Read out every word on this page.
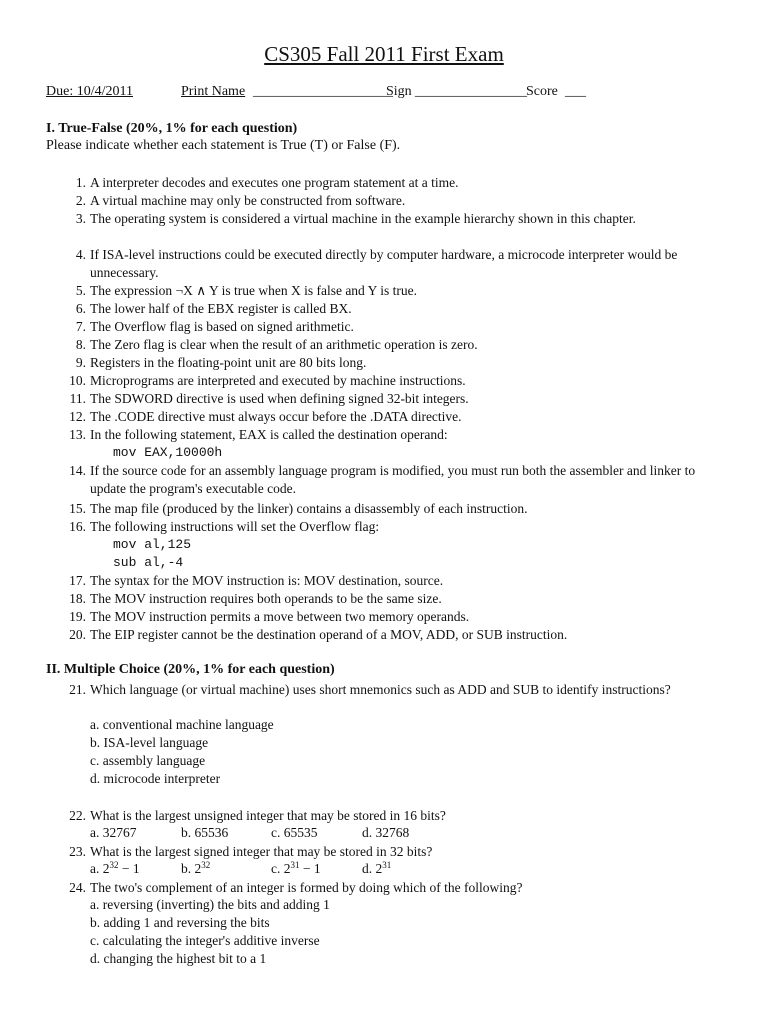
CS305 Fall 2011 First Exam
Due: 10/4/2011	Print Name ____________________
Sign ________________ Score ___
I. True-False (20%, 1% for each question)
Please indicate whether each statement is True (T) or False (F).
1. A interpreter decodes and executes one program statement at a time.
2. A virtual machine may only be constructed from software.
3. The operating system is considered a virtual machine in the example hierarchy shown in this chapter.
4. If ISA-level instructions could be executed directly by computer hardware, a microcode interpreter would be unnecessary.
5. The expression ¬X ∧ Y is true when X is false and Y is true.
6. The lower half of the EBX register is called BX.
7. The Overflow flag is based on signed arithmetic.
8. The Zero flag is clear when the result of an arithmetic operation is zero.
9. Registers in the floating-point unit are 80 bits long.
10. Microprograms are interpreted and executed by machine instructions.
11. The SDWORD directive is used when defining signed 32-bit integers.
12. The .CODE directive must always occur before the .DATA directive.
13. In the following statement, EAX is called the destination operand:
mov EAX,10000h
14. If the source code for an assembly language program is modified, you must run both the assembler and linker to update the program's executable code.
15. The map file (produced by the linker) contains a disassembly of each instruction.
16. The following instructions will set the Overflow flag:
mov al,125
sub al,-4
17. The syntax for the MOV instruction is: MOV destination, source.
18. The MOV instruction requires both operands to be the same size.
19. The MOV instruction permits a move between two memory operands.
20. The EIP register cannot be the destination operand of a MOV, ADD, or SUB instruction.
II. Multiple Choice (20%, 1% for each question)
21. Which language (or virtual machine) uses short mnemonics such as ADD and SUB to identify instructions?
a. conventional machine language
b. ISA-level language
c. assembly language
d. microcode interpreter
22. What is the largest unsigned integer that may be stored in 16 bits?
a. 32767	b. 65536	c. 65535	d. 32768
23. What is the largest signed integer that may be stored in 32 bits?
a. $2^{32} - 1$	b. $2^{32}$	c. $2^{31} - 1$	d. $2^{31}$
24. The two's complement of an integer is formed by doing which of the following?
a. reversing (inverting) the bits and adding 1
b. adding 1 and reversing the bits
c. calculating the integer's additive inverse
d. changing the highest bit to a 1
